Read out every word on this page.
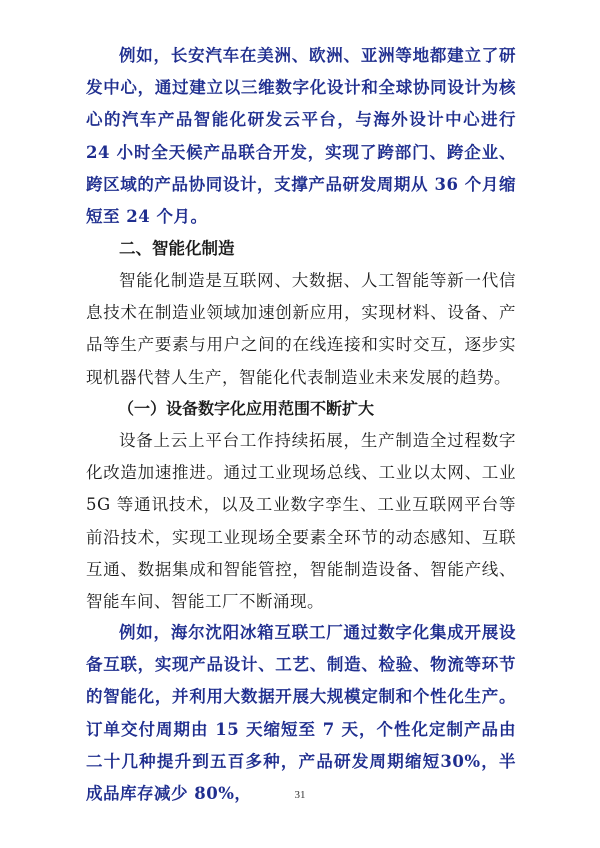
例如，长安汽车在美洲、欧洲、亚洲等地都建立了研发中心，通过建立以三维数字化设计和全球协同设计为核心的汽车产品智能化研发云平台，与海外设计中心进行 24 小时全天候产品联合开发，实现了跨部门、跨企业、跨区域的产品协同设计，支撑产品研发周期从 36 个月缩短至 24 个月。

二、智能化制造

智能化制造是互联网、大数据、人工智能等新一代信息技术在制造业领域加速创新应用，实现材料、设备、产品等生产要素与用户之间的在线连接和实时交互，逐步实现机器代替人生产，智能化代表制造业未来发展的趋势。

（一）设备数字化应用范围不断扩大

设备上云上平台工作持续拓展，生产制造全过程数字化改造加速推进。通过工业现场总线、工业以太网、工业 5G 等通讯技术，以及工业数字孪生、工业互联网平台等前沿技术，实现工业现场全要素全环节的动态感知、互联互通、数据集成和智能管控，智能制造设备、智能产线、智能车间、智能工厂不断涌现。

例如，海尔沈阳冰箱互联工厂通过数字化集成开展设备互联，实现产品设计、工艺、制造、检验、物流等环节的智能化，并利用大数据开展大规模定制和个性化生产。订单交付周期由 15 天缩短至 7 天，个性化定制产品由二十几种提升到五百多种，产品研发周期缩短30%，半成品库存减少 80%，	31
